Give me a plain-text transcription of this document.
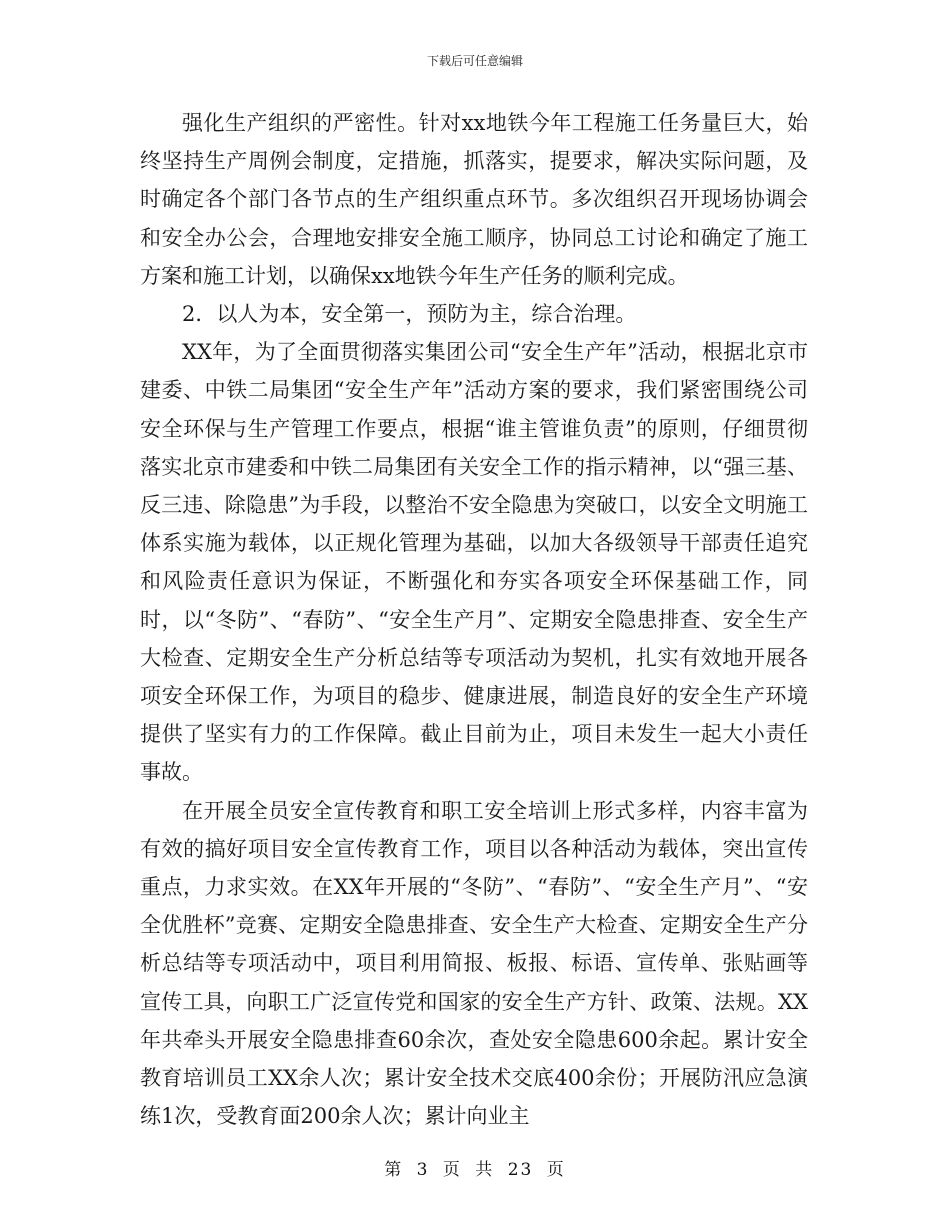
下载后可任意编辑

强化生产组织的严密性。针对xx地铁今年工程施工任务量巨大，始终坚持生产周例会制度，定措施，抓落实，提要求，解决实际问题，及时确定各个部门各节点的生产组织重点环节。多次组织召开现场协调会和安全办公会，合理地安排安全施工顺序，协同总工讨论和确定了施工方案和施工计划，以确保xx地铁今年生产任务的顺利完成。

2．以人为本，安全第一，预防为主，综合治理。

XX年，为了全面贯彻落实集团公司“安全生产年”活动，根据北京市建委、中铁二局集团“安全生产年”活动方案的要求，我们紧密围绕公司安全环保与生产管理工作要点，根据“谁主管谁负责”的原则，仔细贯彻落实北京市建委和中铁二局集团有关安全工作的指示精神，以“强三基、反三违、除隐患”为手段，以整治不安全隐患为突破口，以安全文明施工体系实施为载体，以正规化管理为基础，以加大各级领导干部责任追究和风险责任意识为保证，不断强化和夯实各项安全环保基础工作，同时，以“冬防”、“春防”、“安全生产月”、定期安全隐患排查、安全生产大检查、定期安全生产分析总结等专项活动为契机，扎实有效地开展各项安全环保工作，为项目的稳步、健康进展，制造良好的安全生产环境提供了坚实有力的工作保障。截止目前为止，项目未发生一起大小责任事故。

在开展全员安全宣传教育和职工安全培训上形式多样，内容丰富为有效的搞好项目安全宣传教育工作，项目以各种活动为载体，突出宣传重点，力求实效。在XX年开展的“冬防”、“春防”、“安全生产月”、“安全优胜杯”竞赛、定期安全隐患排查、安全生产大检查、定期安全生产分析总结等专项活动中，项目利用简报、板报、标语、宣传单、张贴画等宣传工具，向职工广泛宣传党和国家的安全生产方针、政策、法规。XX年共牵头开展安全隐患排查60余次，查处安全隐患600余起。累计安全教育培训员工XX余人次；累计安全技术交底400余份；开展防汛应急演练1次，受教育面200余人次；累计向业主

第 3 页 共 23 页
